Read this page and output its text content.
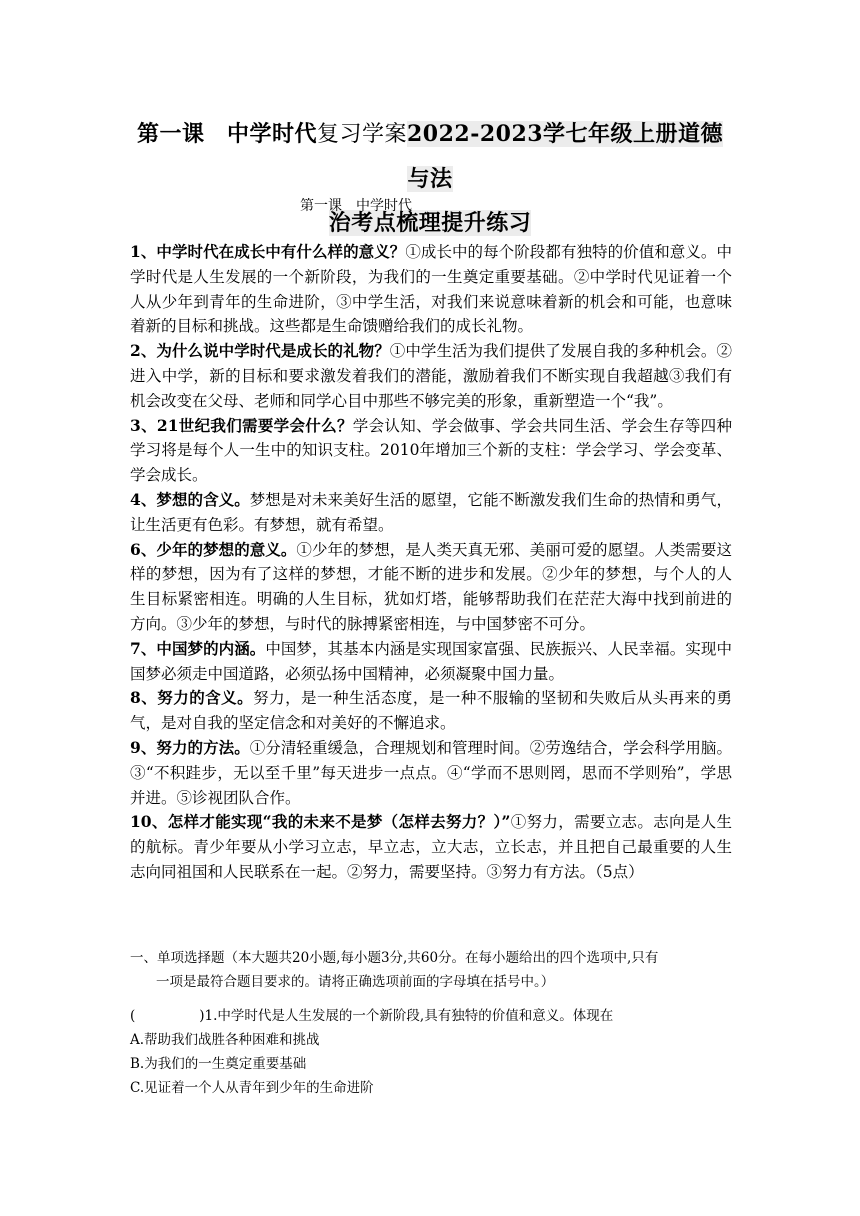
第一课　中学时代复习学案2022-2023学七年级上册道德与法
治考点梳理提升练习
第一课　中学时代

1、中学时代在成长中有什么样的意义？①成长中的每个阶段都有独特的价值和意义。中学时代是人生发展的一个新阶段，为我们的一生奠定重要基础。②中学时代见证着一个人从少年到青年的生命进阶，③中学生活，对我们来说意味着新的机会和可能，也意味着新的目标和挑战。这些都是生命馈赠给我们的成长礼物。

2、为什么说中学时代是成长的礼物？①中学生活为我们提供了发展自我的多种机会。②进入中学，新的目标和要求激发着我们的潜能，激励着我们不断实现自我超越③我们有机会改变在父母、老师和同学心目中那些不够完美的形象，重新塑造一个“我”。

3、21世纪我们需要学会什么？学会认知、学会做事、学会共同生活、学会生存等四种学习将是每个人一生中的知识支柱。2010年增加三个新的支柱：学会学习、学会变革、学会成长。

4、梦想的含义。梦想是对未来美好生活的愿望，它能不断激发我们生命的热情和勇气，让生活更有色彩。有梦想，就有希望。

6、少年的梦想的意义。①少年的梦想，是人类天真无邪、美丽可爱的愿望。人类需要这样的梦想，因为有了这样的梦想，才能不断的进步和发展。②少年的梦想，与个人的人生目标紧密相连。明确的人生目标，犹如灯塔，能够帮助我们在茫茫大海中找到前进的方向。③少年的梦想，与时代的脉搏紧密相连，与中国梦密不可分。

7、中国梦的内涵。中国梦，其基本内涵是实现国家富强、民族振兴、人民幸福。实现中国梦必须走中国道路，必须弘扬中国精神，必须凝聚中国力量。

8、努力的含义。努力，是一种生活态度，是一种不服输的坚韧和失败后从头再来的勇气，是对自我的坚定信念和对美好的不懈追求。

9、努力的方法。①分清轻重缓急，合理规划和管理时间。②劳逸结合，学会科学用脑。③“不积跬步，无以至千里”每天进步一点点。④“学而不思则罔，思而不学则殆”，学思并进。⑤诊视团队合作。

10、怎样才能实现“我的未来不是梦（怎样去努力？）”①努力，需要立志。志向是人生的航标。青少年要从小学习立志，早立志，立大志，立长志，并且把自己最重要的人生志向同祖国和人民联系在一起。②努力，需要坚持。③努力有方法。（5点）

一、单项选择题（本大题共20小题,每小题3分,共60分。在每小题给出的四个选项中,只有
一项是最符合题目要求的。请将正确选项前面的字母填在括号中。）
(	)1.中学时代是人生发展的一个新阶段,具有独特的价值和意义。体现在
A.帮助我们战胜各种困难和挑战
B.为我们的一生奠定重要基础
C.见证着一个人从青年到少年的生命进阶
